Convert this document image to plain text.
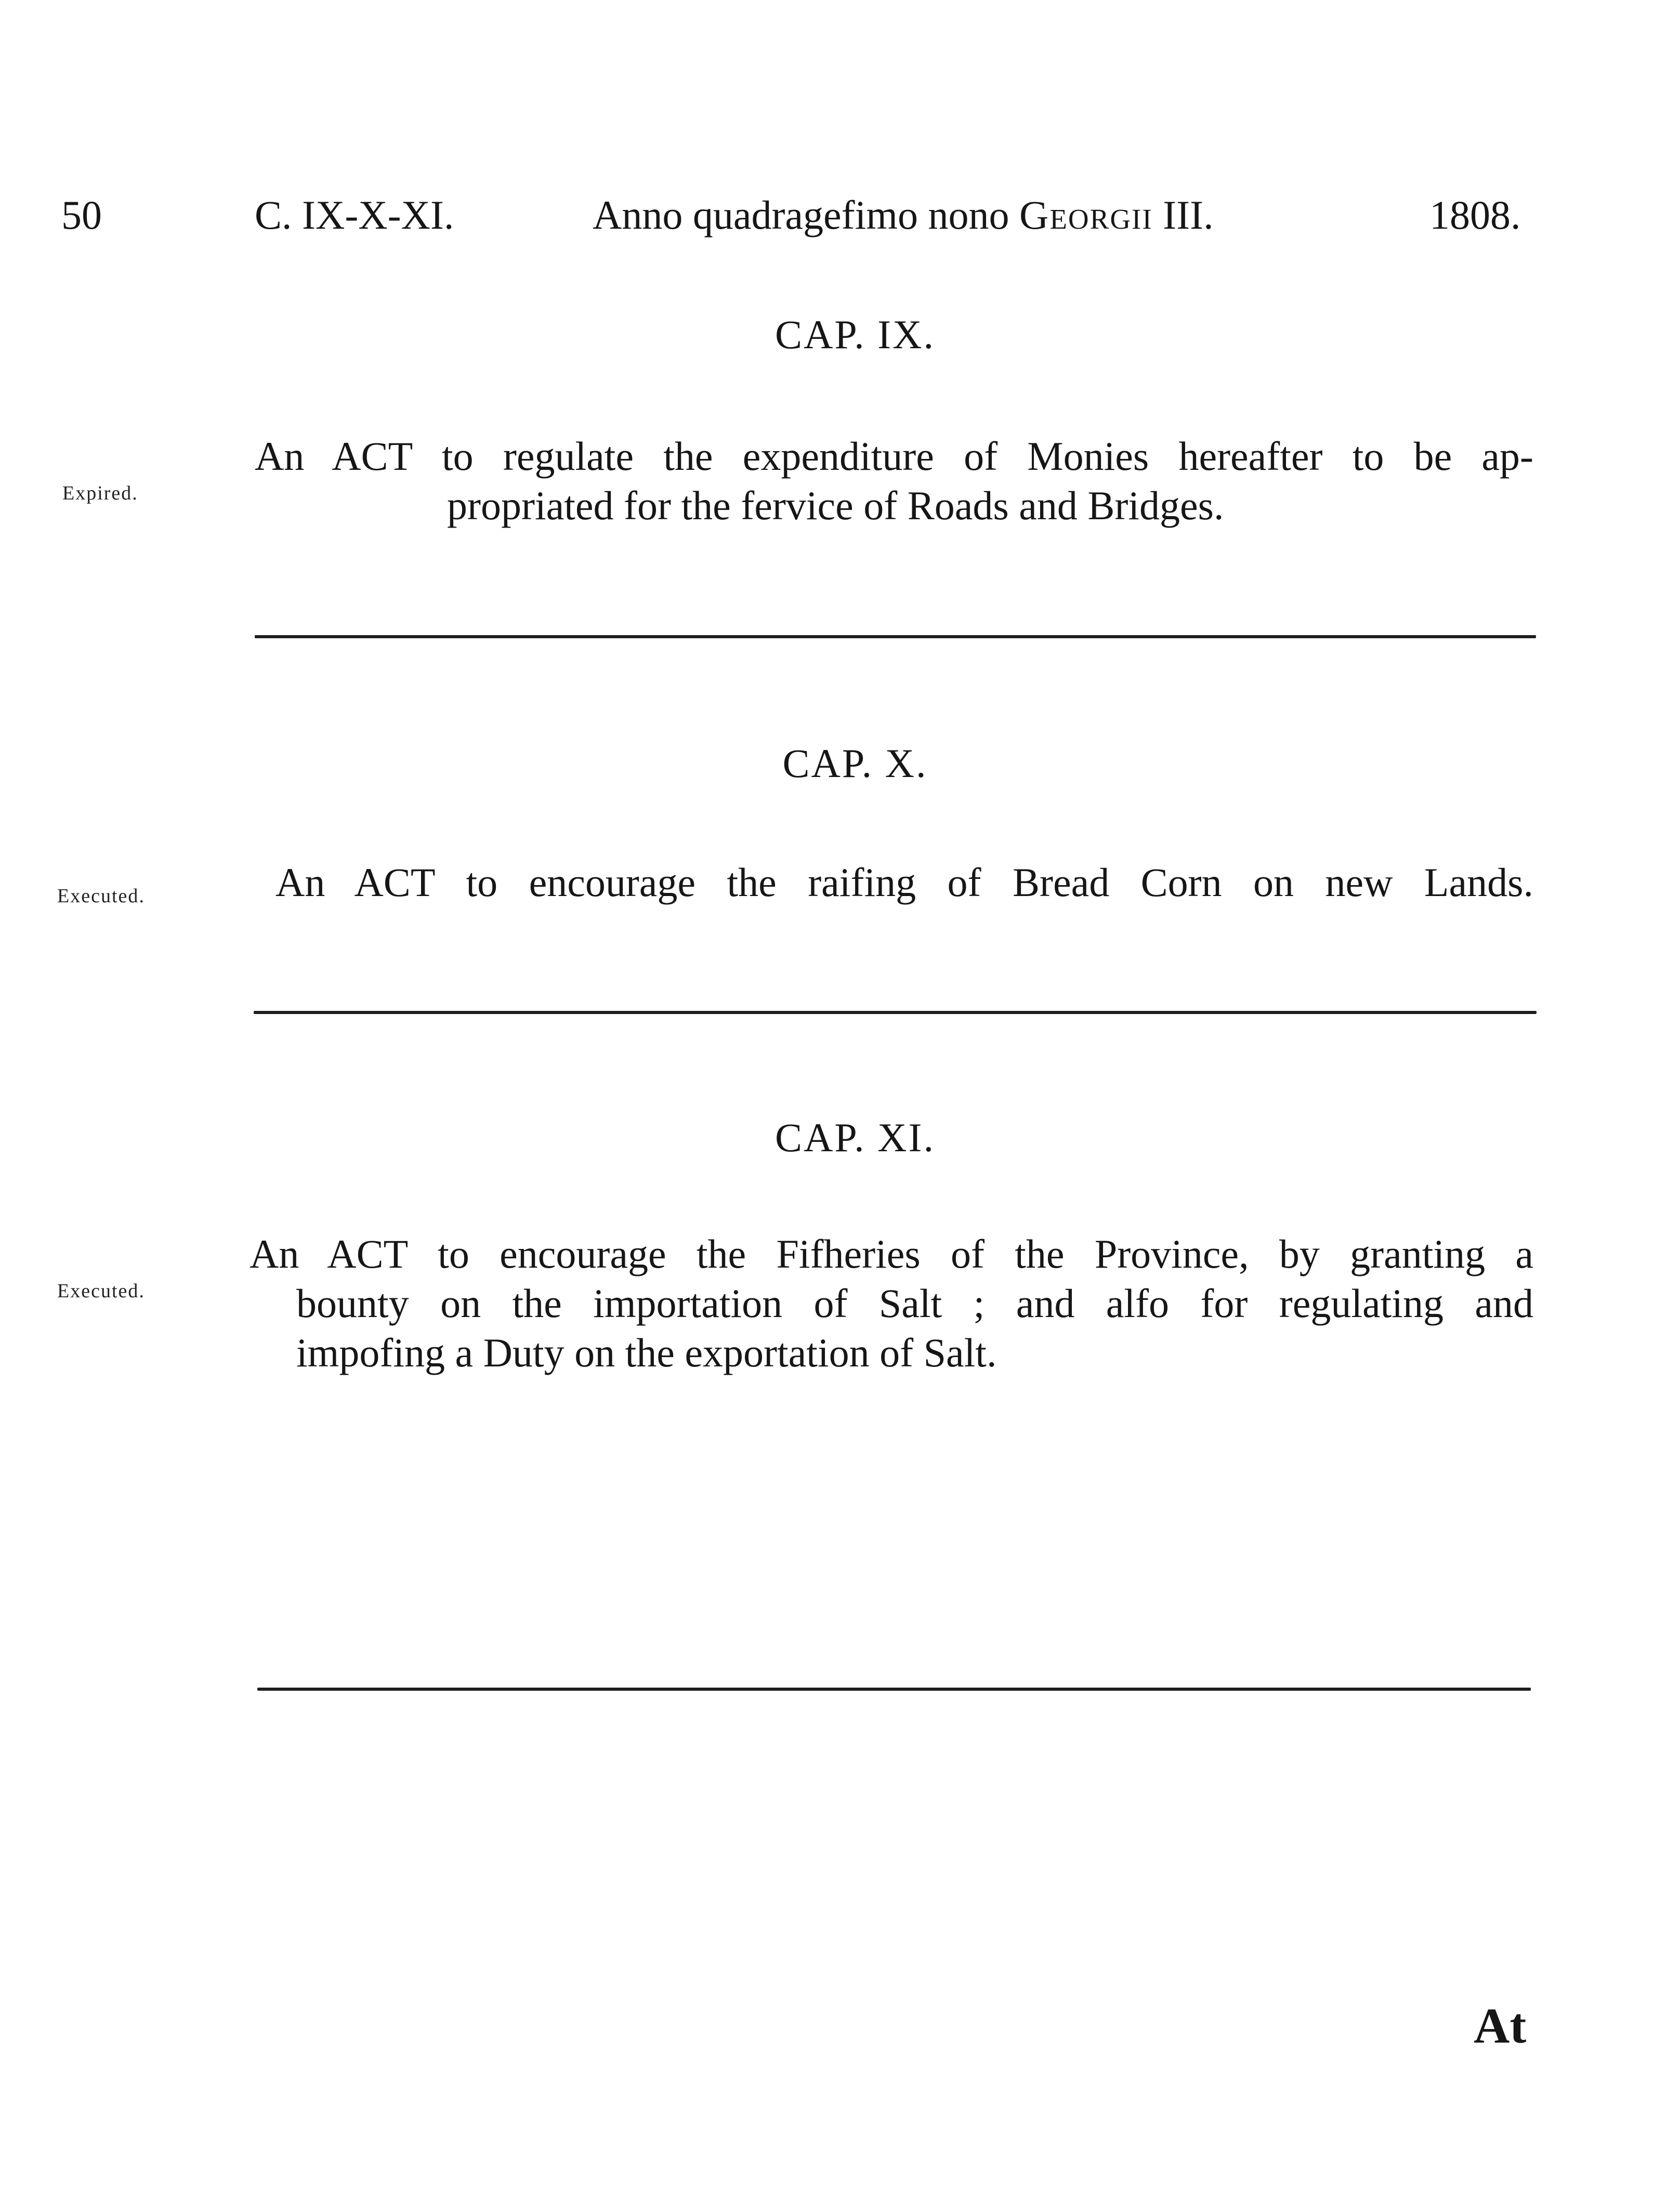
50	C. IX-X-XI.	Anno quadragefimo nono Georgii III.	1808.
CAP. IX.
Expired.
An ACT to regulate the expenditure of Monies hereafter to be ap-
propriated for the fervice of Roads and Bridges.
CAP. X.
Executed.	An ACT to encourage the raifing of Bread Corn on new Lands.
CAP. XI.
Executed.
An ACT to encourage the Fifheries of the Province, by granting a
bounty on the importation of Salt ; and alfo for regulating and
impofing a Duty on the exportation of Salt.
At
